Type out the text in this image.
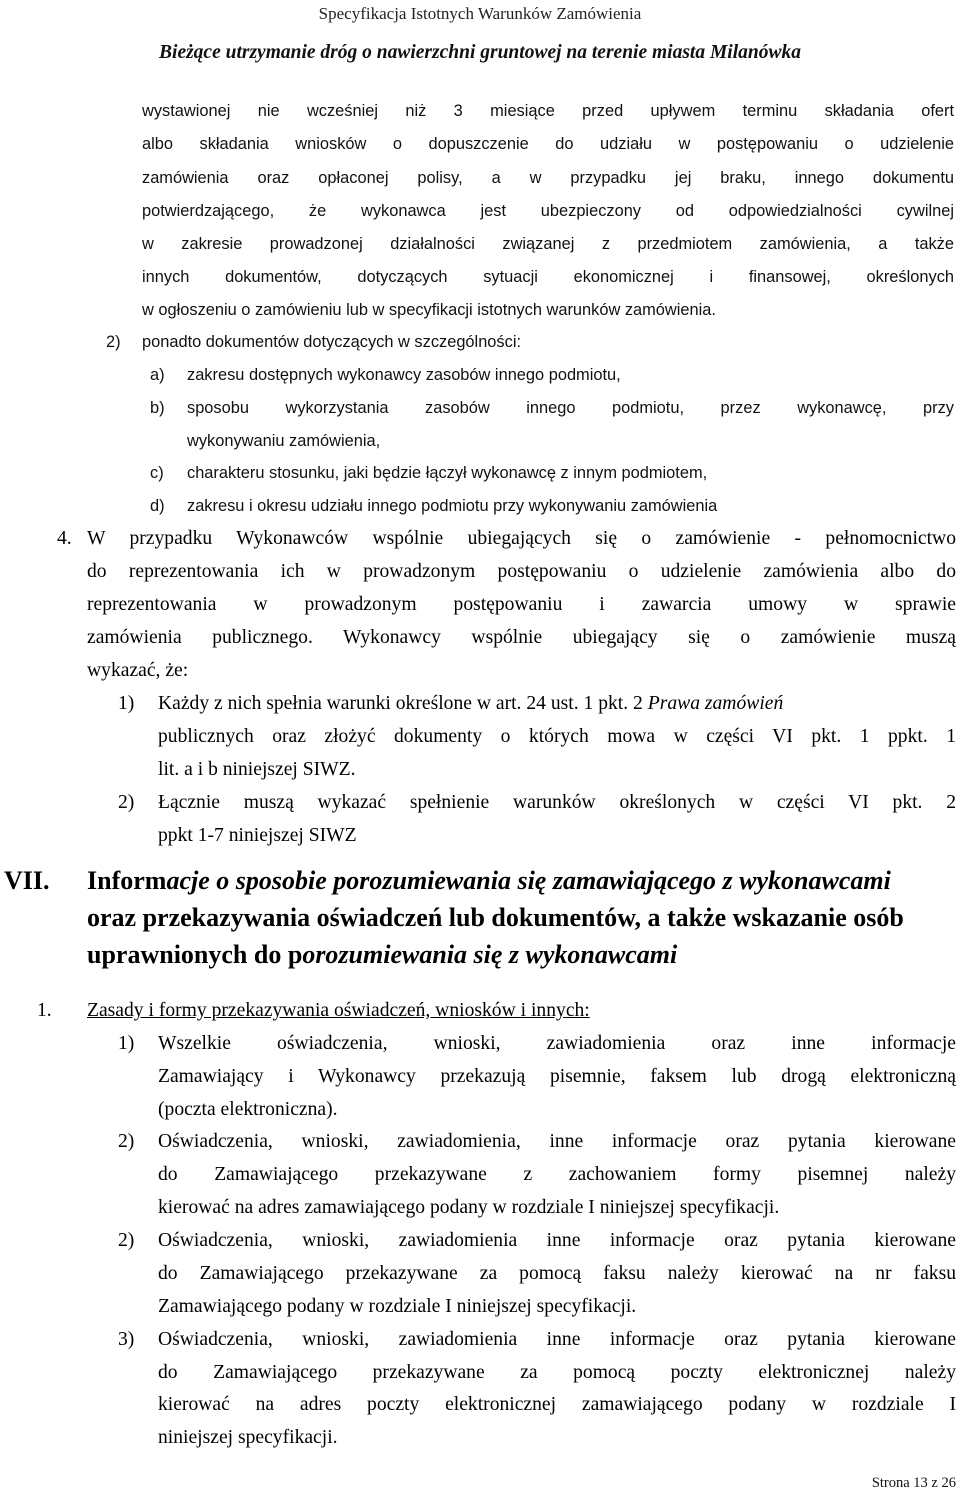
Specyfikacja Istotnych Warunków Zamówienia
Bieżące utrzymanie dróg o nawierzchni gruntowej na terenie miasta Milanówka
wystawionej nie wcześniej niż 3 miesiące przed upływem terminu składania ofert
albo składania wniosków o dopuszczenie do udziału w postępowaniu o udzielenie
zamówienia oraz opłaconej polisy, a w przypadku jej braku, innego dokumentu
potwierdzającego, że wykonawca jest ubezpieczony od odpowiedzialności cywilnej
w zakresie prowadzonej działalności związanej z przedmiotem zamówienia, a także
innych dokumentów, dotyczących sytuacji ekonomicznej i finansowej, określonych
w ogłoszeniu o zamówieniu lub w specyfikacji istotnych warunków zamówienia.
2) ponadto dokumentów dotyczących w szczególności:
a) zakresu dostępnych wykonawcy zasobów innego podmiotu,
b) sposobu wykorzystania zasobów innego podmiotu, przez wykonawcę, przy
wykonywaniu zamówienia,
c) charakteru stosunku, jaki będzie łączył wykonawcę z innym podmiotem,
d) zakresu i okresu udziału innego podmiotu przy wykonywaniu zamówienia
4. W przypadku Wykonawców wspólnie ubiegających się o zamówienie - pełnomocnictwo
do reprezentowania ich w prowadzonym postępowaniu o udzielenie zamówienia albo do
reprezentowania w prowadzonym postępowaniu i zawarcia umowy w sprawie
zamówienia publicznego. Wykonawcy wspólnie ubiegający się o zamówienie muszą
wykazać, że:
1) Każdy z nich spełnia warunki określone w art. 24 ust. 1 pkt. 2 Prawa zamówień
publicznych oraz złożyć dokumenty o których mowa w części VI pkt. 1 ppkt. 1
lit. a i b niniejszej SIWZ.
2) Łącznie muszą wykazać spełnienie warunków określonych w części VI pkt. 2
ppkt 1-7 niniejszej SIWZ
VII. Informacje o sposobie porozumiewania się zamawiającego z wykonawcami
oraz przekazywania oświadczeń lub dokumentów, a także wskazanie osób
uprawnionych do porozumiewania się z wykonawcami
1. Zasady i formy przekazywania oświadczeń, wniosków i innych:
1) Wszelkie oświadczenia, wnioski, zawiadomienia oraz inne informacje
Zamawiający i Wykonawcy przekazują pisemnie, faksem lub drogą elektroniczną
(poczta elektroniczna).
2) Oświadczenia, wnioski, zawiadomienia, inne informacje oraz pytania kierowane
do Zamawiającego przekazywane z zachowaniem formy pisemnej należy
kierować na adres zamawiającego podany w rozdziale I niniejszej specyfikacji.
2) Oświadczenia, wnioski, zawiadomienia inne informacje oraz pytania kierowane
do Zamawiającego przekazywane za pomocą faksu należy kierować na nr faksu
Zamawiającego podany w rozdziale I niniejszej specyfikacji.
3) Oświadczenia, wnioski, zawiadomienia inne informacje oraz pytania kierowane
do Zamawiającego przekazywane za pomocą poczty elektronicznej należy
kierować na adres poczty elektronicznej zamawiającego podany w rozdziale I
niniejszej specyfikacji.
Strona 13 z 26
